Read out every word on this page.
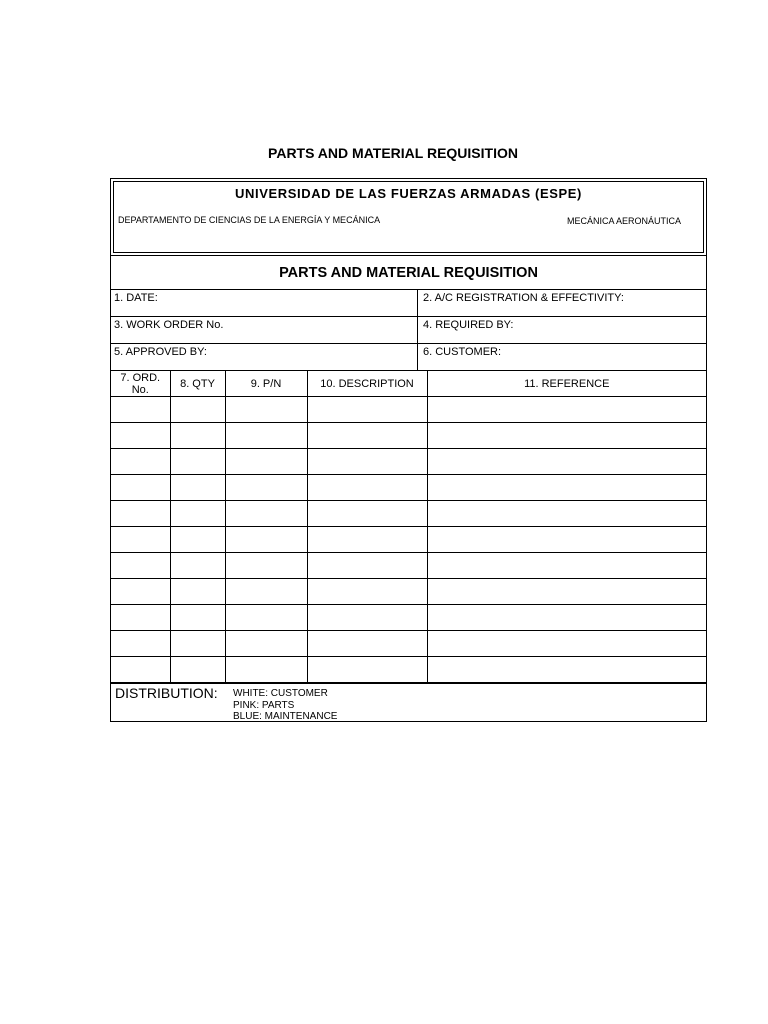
PARTS AND MATERIAL REQUISITION
UNIVERSIDAD DE LAS FUERZAS ARMADAS (ESPE)
DEPARTAMENTO DE CIENCIAS DE LA ENERGÍA Y MECÁNICA	MECÁNICA AERONÁUTICA
PARTS AND MATERIAL REQUISITION
1. DATE:	2. A/C REGISTRATION & EFFECTIVITY:
3. WORK ORDER No.	4. REQUIRED BY:
5. APPROVED BY:	6. CUSTOMER:
7. ORD. No.	8. QTY	9. P/N	10. DESCRIPTION	11. REFERENCE

DISTRIBUTION: WHITE: CUSTOMER
PINK: PARTS
BLUE: MAINTENANCE
